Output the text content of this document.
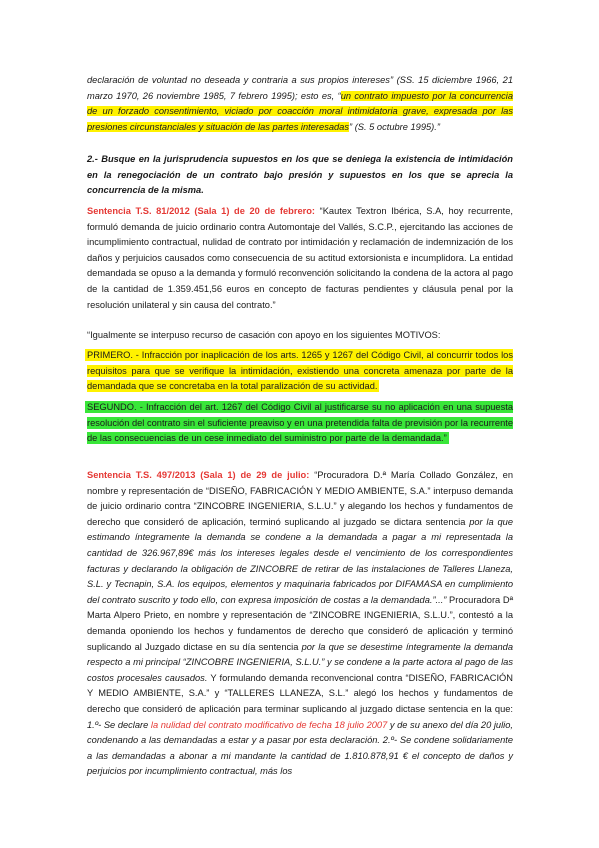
declaración de voluntad no deseada y contraria a sus propios intereses” (SS. 15 diciembre 1966, 21 marzo 1970, 26 noviembre 1985, 7 febrero 1995); esto es, “un contrato impuesto por la concurrencia de un forzado consentimiento, viciado por coacción moral intimidatoria grave, expresada por las presiones circunstanciales y situación de las partes interesadas” (S. 5 octubre 1995).”
2.- Busque en la jurisprudencia supuestos en los que se deniega la existencia de intimidación en la renegociación de un contrato bajo presión y supuestos en los que se aprecia la concurrencia de la misma.
Sentencia T.S. 81/2012 (Sala 1) de 20 de febrero: “Kautex Textron Ibérica, S.A, hoy recurrente, formuló demanda de juicio ordinario contra Automontaje del Vallés, S.C.P., ejercitando las acciones de incumplimiento contractual, nulidad de contrato por intimidación y reclamación de indemnización de los daños y perjuicios causados como consecuencia de su actitud extorsionista e incumplidora. La entidad demandada se opuso a la demanda y formuló reconvención solicitando la condena de la actora al pago de la cantidad de 1.359.451,56 euros en concepto de facturas pendientes y cláusula penal por la resolución unilateral y sin causa del contrato.”
“Igualmente se interpuso recurso de casación con apoyo en los siguientes MOTIVOS:
PRIMERO. - Infracción por inaplicación de los arts. 1265 y 1267 del Código Civil, al concurrir todos los requisitos para que se verifique la intimidación, existiendo una concreta amenaza por parte de la demandada que se concretaba en la total paralización de su actividad.
SEGUNDO. - Infracción del art. 1267 del Código Civil al justificarse su no aplicación en una supuesta resolución del contrato sin el suficiente preaviso y en una pretendida falta de previsión por la recurrente de las consecuencias de un cese inmediato del suministro por parte de la demandada.”
Sentencia T.S. 497/2013 (Sala 1) de 29 de julio: “Procuradora D.ª María Collado González, en nombre y representación de “DISEÑO, FABRICACIÓN Y MEDIO AMBIENTE, S.A.” interpuso demanda de juicio ordinario contra “ZINCOBRE INGENIERIA, S.L.U.” y alegando los hechos y fundamentos de derecho que consideró de aplicación, terminó suplicando al juzgado se dictara sentencia por la que estimando íntegramente la demanda se condene a la demandada a pagar a mi representada la cantidad de 326.967,89€ más los intereses legales desde el vencimiento de los correspondientes facturas y declarando la obligación de ZINCOBRE de retirar de las instalaciones de Talleres Llaneza, S.L. y Tecnapin, S.A. los equipos, elementos y maquinaria fabricados por DIFAMASA en cumplimiento del contrato suscrito y todo ello, con expresa imposición de costas a la demandada.”...” Procuradora Dª Marta Alpero Prieto, en nombre y representación de “ZINCOBRE INGENIERIA, S.L.U.”, contestó a la demanda oponiendo los hechos y fundamentos de derecho que consideró de aplicación y terminó suplicando al Juzgado dictase en su día sentencia por la que se desestime íntegramente la demanda respecto a mi principal “ZINCOBRE INGENIERIA, S.L.U.” y se condene a la parte actora al pago de las costos procesales causados. Y formulando demanda reconvencional contra “DISEÑO, FABRICACIÓN Y MEDIO AMBIENTE, S.A.” y “TALLERES LLANEZA, S.L.” alegó los hechos y fundamentos de derecho que consideró de aplicación para terminar suplicando al juzgado dictase sentencia en la que: 1.º- Se declare la nulidad del contrato modificativo de fecha 18 julio 2007 y de su anexo del día 20 julio, condenando a las demandadas a estar y a pasar por esta declaración. 2.º- Se condene solidariamente a las demandadas a abonar a mi mandante la cantidad de 1.810.878,91 € el concepto de daños y perjuicios por incumplimiento contractual, más los
